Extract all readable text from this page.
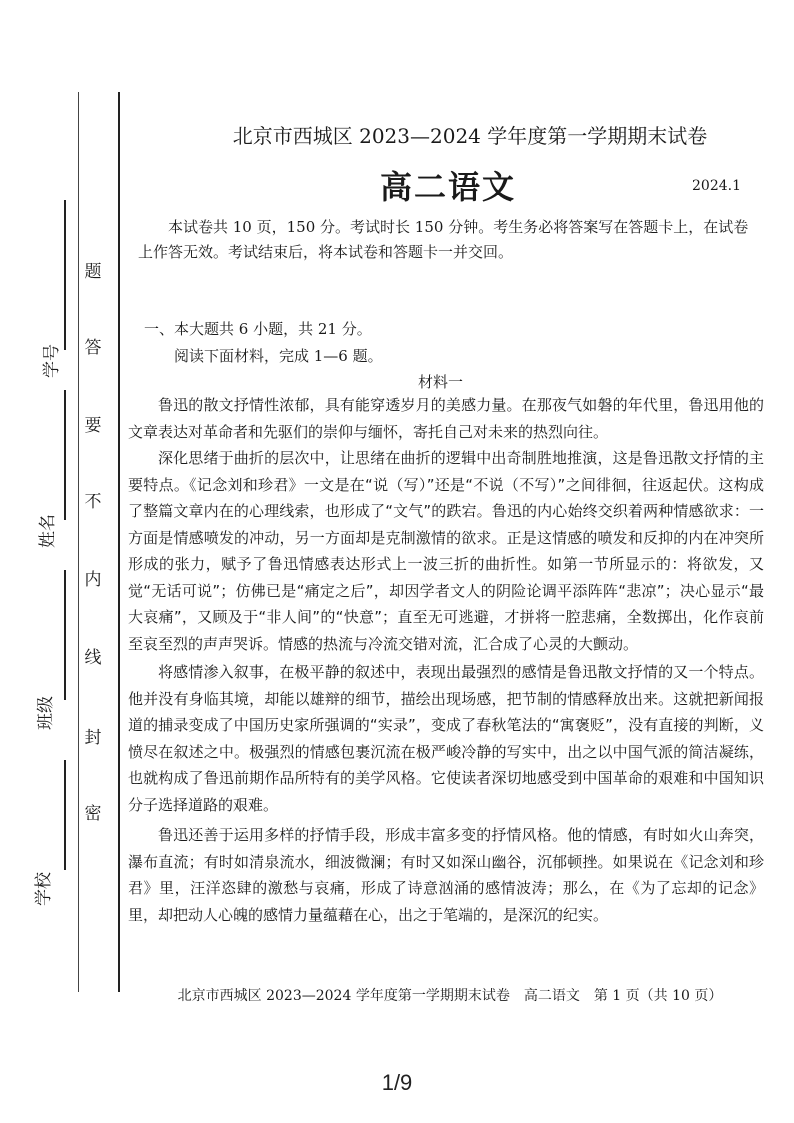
学号
姓名
班级
学校
题
答
要
不
内
线
封
密
北京市西城区 2023—2024 学年度第一学期期末试卷
高二语文	2024.1
本试卷共 10 页，150 分。考试时长 150 分钟。考生务必将答案写在答题卡上，在试卷上作答无效。考试结束后，将本试卷和答题卡一并交回。
一、本大题共 6 小题，共 21 分。
阅读下面材料，完成 1—6 题。
材料一

鲁迅的散文抒情性浓郁，具有能穿透岁月的美感力量。在那夜气如磐的年代里，鲁迅用他的文章表达对革命者和先驱们的崇仰与缅怀，寄托自己对未来的热烈向往。

深化思绪于曲折的层次中，让思绪在曲折的逻辑中出奇制胜地推演，这是鲁迅散文抒情的主要特点。《记念刘和珍君》一文是在“说（写）”还是“不说（不写）”之间徘徊，往返起伏。这构成了整篇文章内在的心理线索，也形成了“文气”的跌宕。鲁迅的内心始终交织着两种情感欲求：一方面是情感喷发的冲动，另一方面却是克制激情的欲求。正是这情感的喷发和反抑的内在冲突所形成的张力，赋予了鲁迅情感表达形式上一波三折的曲折性。如第一节所显示的：将欲发，又觉“无话可说”；仿佛已是“痛定之后”，却因学者文人的阴险论调平添阵阵“悲凉”；决心显示“最大哀痛”，又顾及于“非人间”的“快意”；直至无可逃避，才拼将一腔悲痛，全数掷出，化作哀前至哀至烈的声声哭诉。情感的热流与冷流交错对流，汇合成了心灵的大颤动。

将感情渗入叙事，在极平静的叙述中，表现出最强烈的感情是鲁迅散文抒情的又一个特点。他并没有身临其境，却能以雄辩的细节，描绘出现场感，把节制的情感释放出来。这就把新闻报道的捕录变成了中国历史家所强调的“实录”，变成了春秋笔法的“寓褒贬”，没有直接的判断，义愤尽在叙述之中。极强烈的情感包裹沉流在极严峻冷静的写实中，出之以中国气派的简洁凝练，也就构成了鲁迅前期作品所特有的美学风格。它使读者深切地感受到中国革命的艰难和中国知识分子选择道路的艰难。

鲁迅还善于运用多样的抒情手段，形成丰富多变的抒情风格。他的情感，有时如火山奔突，瀑布直流；有时如清泉流水，细波微澜；有时又如深山幽谷，沉郁顿挫。如果说在《记念刘和珍君》里，汪洋恣肆的激愁与哀痛，形成了诗意汹涌的感情波涛；那么，在《为了忘却的记念》里，却把动人心魄的感情力量蕴藉在心，出之于笔端的，是深沉的纪实。

北京市西城区 2023—2024 学年度第一学期期末试卷　高二语文　第 1 页（共 10 页）
1/9
